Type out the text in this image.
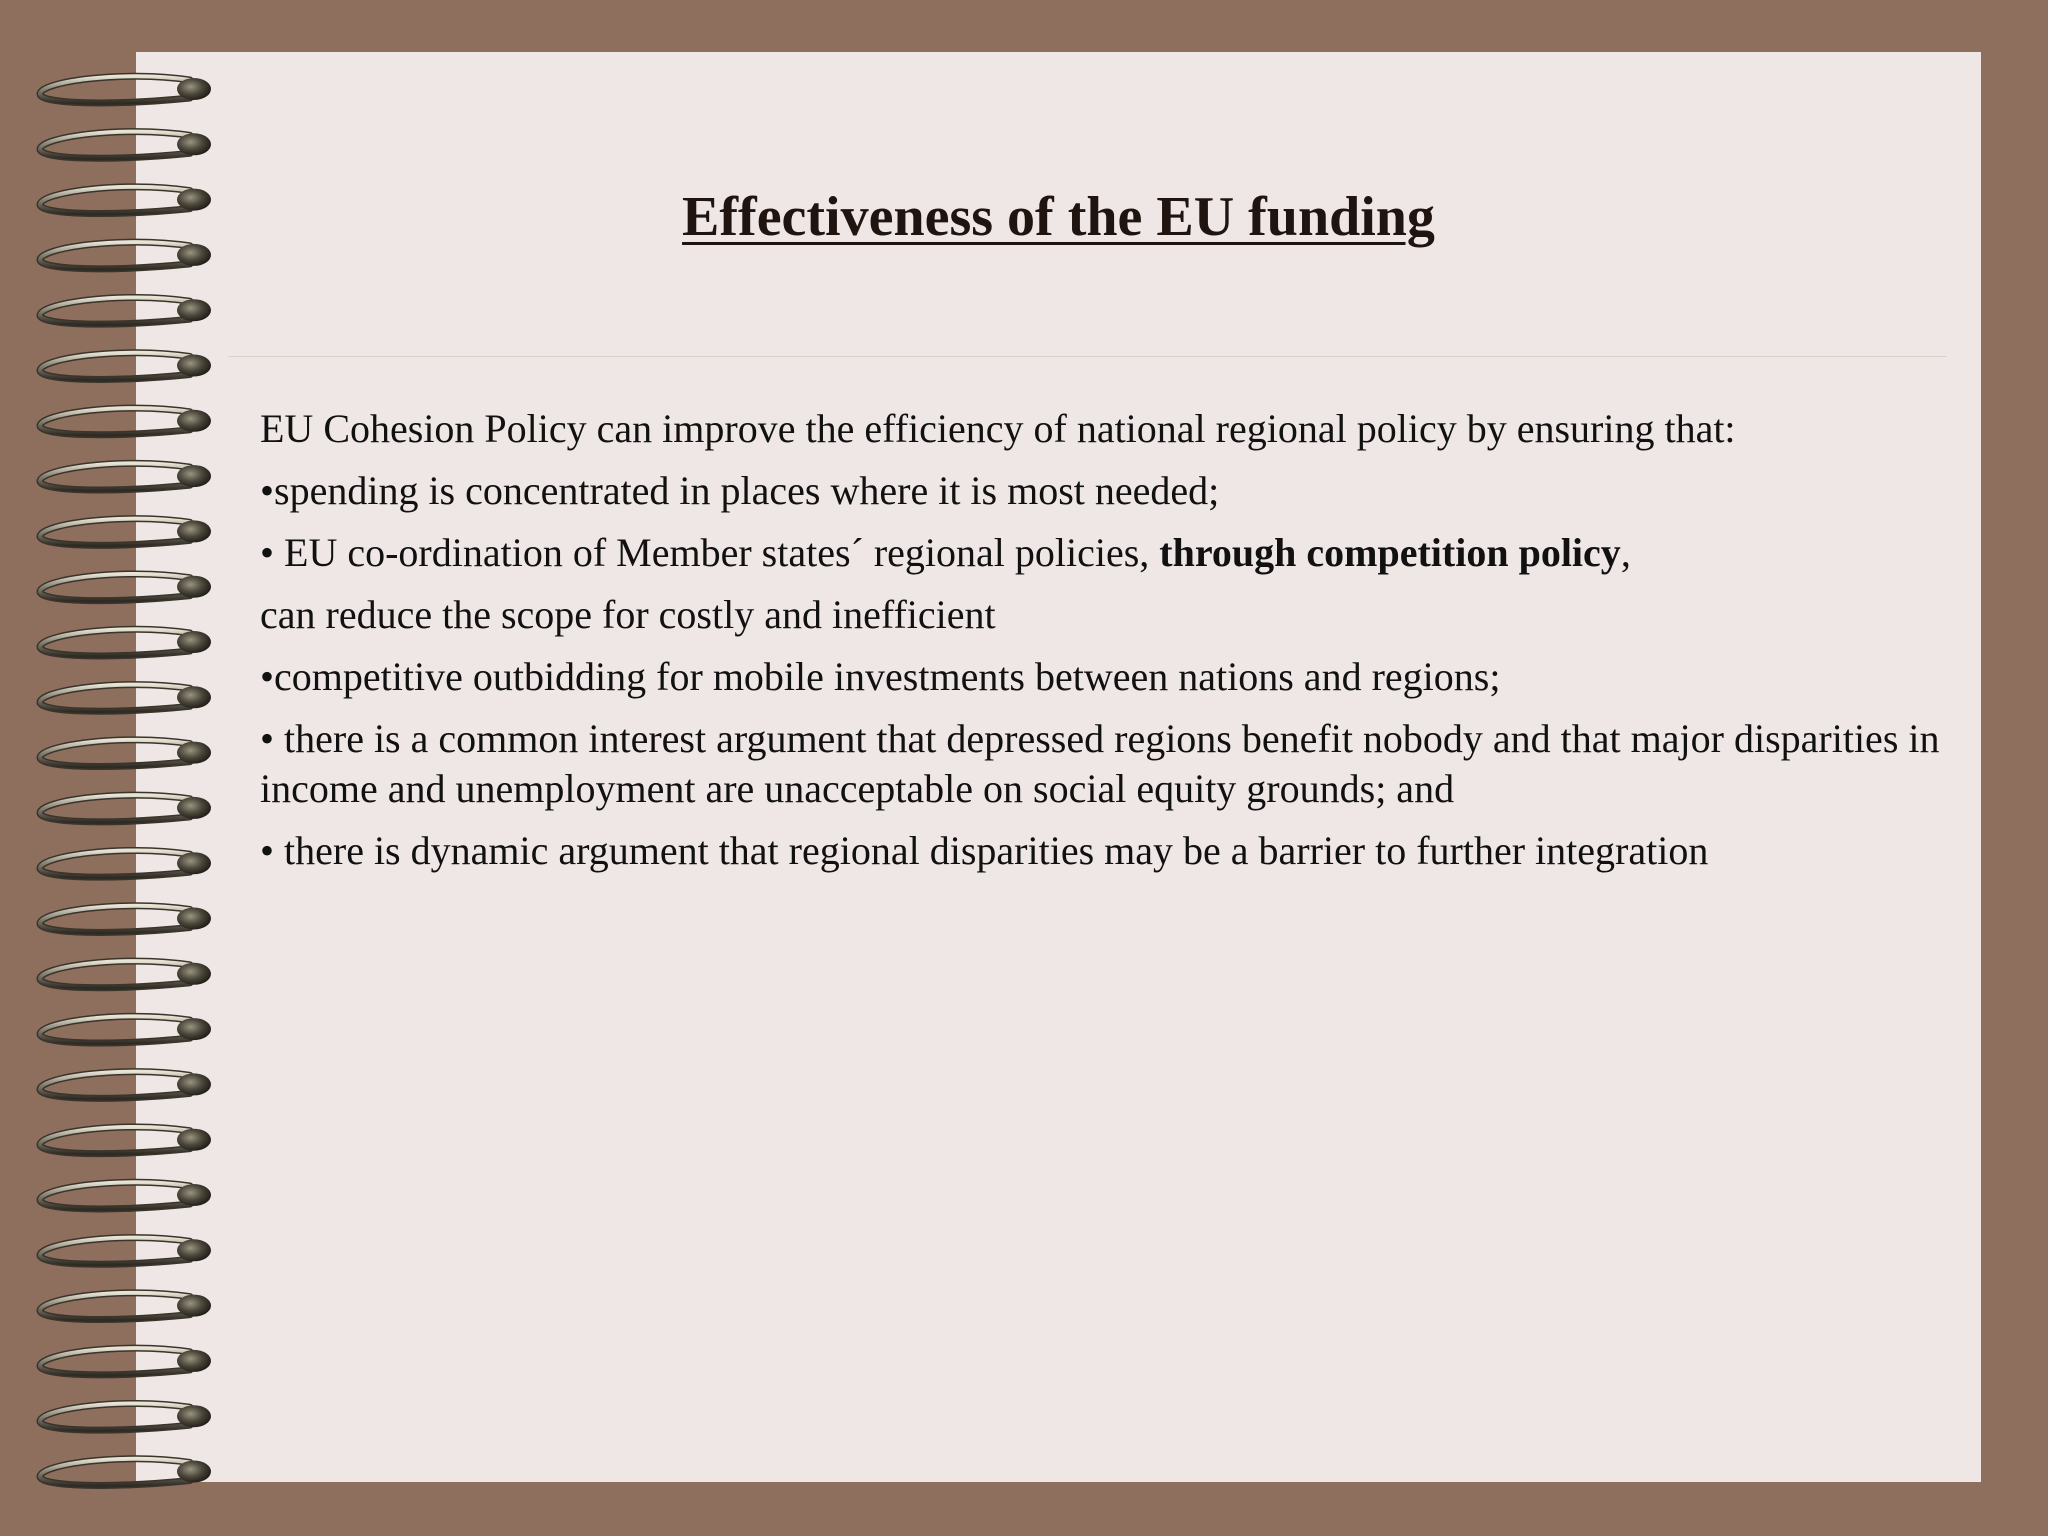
Effectiveness of the EU funding

EU Cohesion Policy can improve the efficiency of national regional policy by ensuring that:

•spending is concentrated in places where it is most needed;

• EU co-ordination of Member states´ regional policies, through competition policy,

can reduce the scope for costly and inefficient

•competitive outbidding for mobile investments between nations and regions;

• there is a common interest argument that depressed regions benefit nobody and that major disparities in income and unemployment are unacceptable on social equity grounds; and

• there is dynamic argument that regional disparities may be a barrier to further integration
